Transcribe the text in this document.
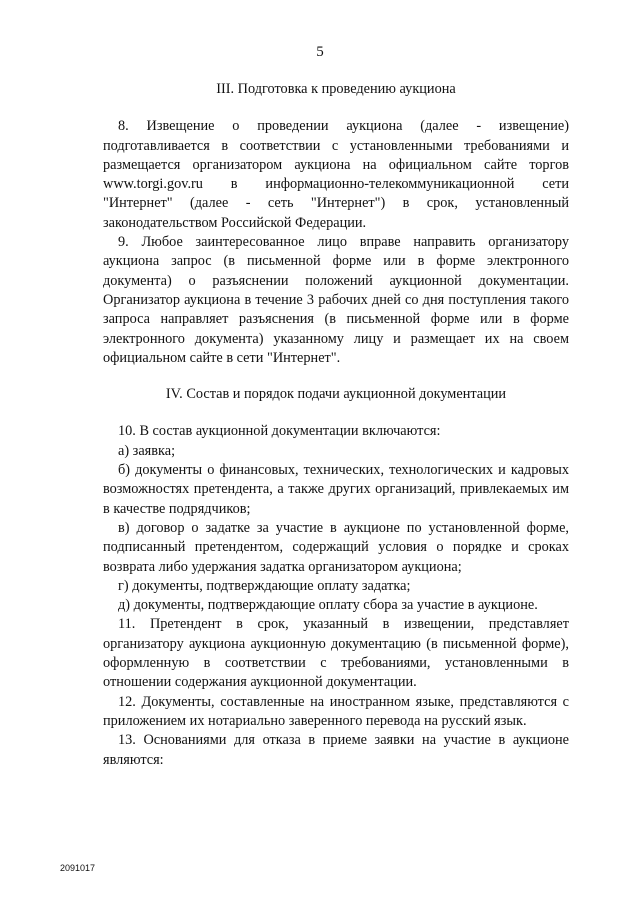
5
III. Подготовка к проведению аукциона

8. Извещение о проведении аукциона (далее - извещение) подготавливается в соответствии с установленными требованиями и размещается организатором аукциона на официальном сайте торгов www.torgi.gov.ru в информационно-телекоммуникационной сети "Интернет" (далее - сеть "Интернет") в срок, установленный законодательством Российской Федерации.

9. Любое заинтересованное лицо вправе направить организатору аукциона запрос (в письменной форме или в форме электронного документа) о разъяснении положений аукционной документации. Организатор аукциона в течение 3 рабочих дней со дня поступления такого запроса направляет разъяснения (в письменной форме или в форме электронного документа) указанному лицу и размещает их на своем официальном сайте в сети "Интернет".

IV. Состав и порядок подачи аукционной документации

10. В состав аукционной документации включаются:

а) заявка;

б) документы о финансовых, технических, технологических и кадровых возможностях претендента, а также других организаций, привлекаемых им в качестве подрядчиков;

в) договор о задатке за участие в аукционе по установленной форме, подписанный претендентом, содержащий условия о порядке и сроках возврата либо удержания задатка организатором аукциона;

г) документы, подтверждающие оплату задатка;

д) документы, подтверждающие оплату сбора за участие в аукционе.

11. Претендент в срок, указанный в извещении, представляет организатору аукциона аукционную документацию (в письменной форме), оформленную в соответствии с требованиями, установленными в отношении содержания аукционной документации.

12. Документы, составленные на иностранном языке, представляются с приложением их нотариально заверенного перевода на русский язык.

13. Основаниями для отказа в приеме заявки на участие в аукционе являются:

2091017
